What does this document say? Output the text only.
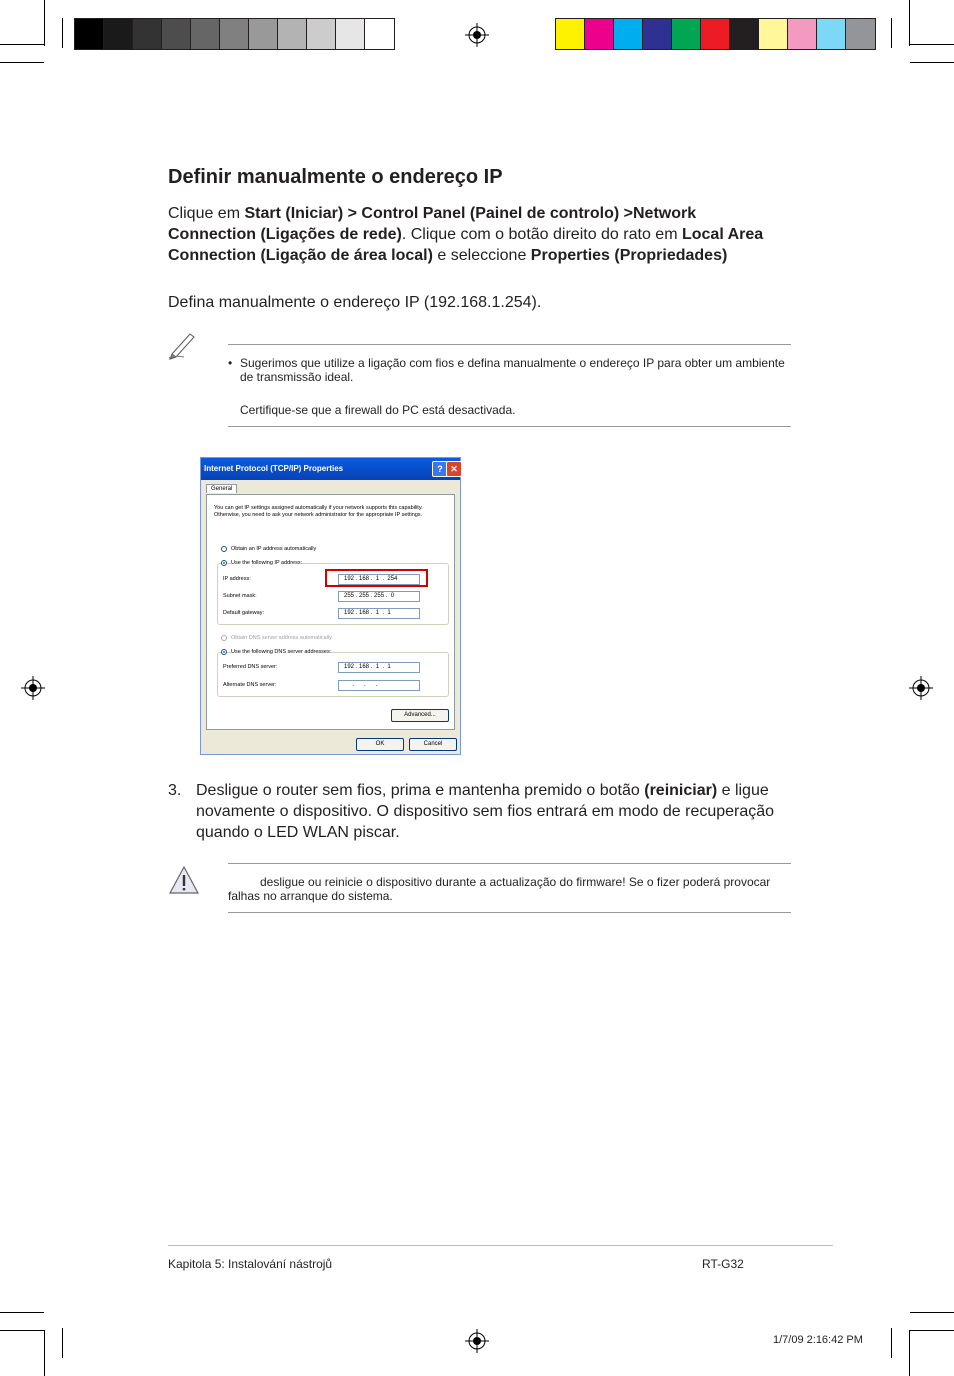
Definir manualmente o endereço IP

Clique em Start (Iniciar) > Control Panel (Painel de controlo) >Network Connection (Ligações de rede). Clique com o botão direito do rato em Local Area Connection (Ligação de área local) e seleccione Properties (Propriedades)

Defina manualmente o endereço IP (192.168.1.254).

• Sugerimos que utilize a ligação com fios e defina manualmente o endereço IP para obter um ambiente de transmissão ideal.
Certifique-se que a firewall do PC está desactivada.
Internet Protocol (TCP/IP) Properties	? ✕
General
You can get IP settings assigned automatically if your network supports this capability. Otherwise, you need to ask your network administrator for the appropriate IP settings.
Obtain an IP address automatically
Use the following IP address:
IP address:	192 . 168 .  1  .  254
Subnet mask:	255 . 255 . 255 .  0
Default gateway:	192 . 168 .  1  .  1
Obtain DNS server address automatically
Use the following DNS server addresses:
Preferred DNS server:	192 . 168 .  1  .  1
Alternate DNS server:	.      .      .
Advanced...
OK	Cancel
3. Desligue o router sem fios, prima e mantenha premido o botão (reiniciar) e ligue novamente o dispositivo. O dispositivo sem fios entrará em modo de recuperação quando o LED WLAN piscar.

desligue ou reinicie o dispositivo durante a actualização do firmware! Se o fizer poderá provocar falhas no arranque do sistema.
Kapitola 5: Instalování nástrojů	RT-G32
1/7/09 2:16:42 PM
